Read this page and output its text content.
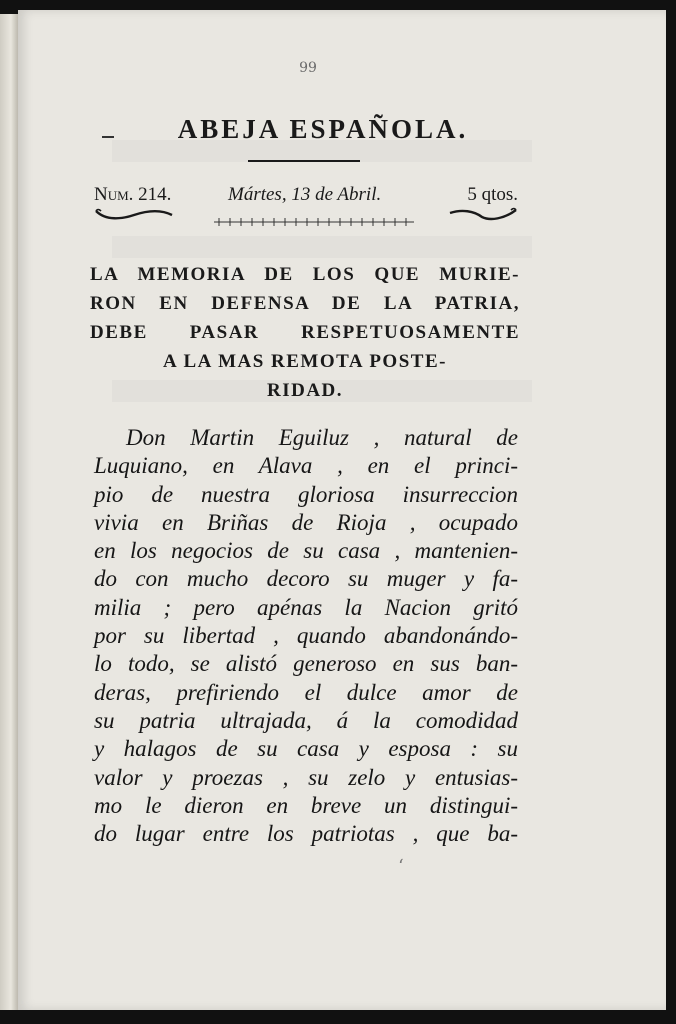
99
ABEJA ESPAÑOLA.
Num. 214.	Mártes, 13 de Abril.	5 qtos.
LA MEMORIA DE LOS QUE MURIE-
RON EN DEFENSA DE LA PATRIA,
DEBE PASAR RESPETUOSAMENTE
A LA MAS REMOTA POSTE-
RIDAD.
Don Martin Eguiluz , natural de
Luquiano, en Alava , en el princi-
pio de nuestra gloriosa insurreccion
vivia en Briñas de Rioja , ocupado
en los negocios de su casa , mantenien-
do con mucho decoro su muger y fa-
milia ; pero apénas la Nacion gritó
por su libertad , quando abandonándo-
lo todo, se alistó generoso en sus ban-
deras, prefiriendo el dulce amor de
su patria ultrajada, á la comodidad
y halagos de su casa y esposa : su
valor y proezas , su zelo y entusias-
mo le dieron en breve un distingui-
do lugar entre los patriotas , que ba-
‘
